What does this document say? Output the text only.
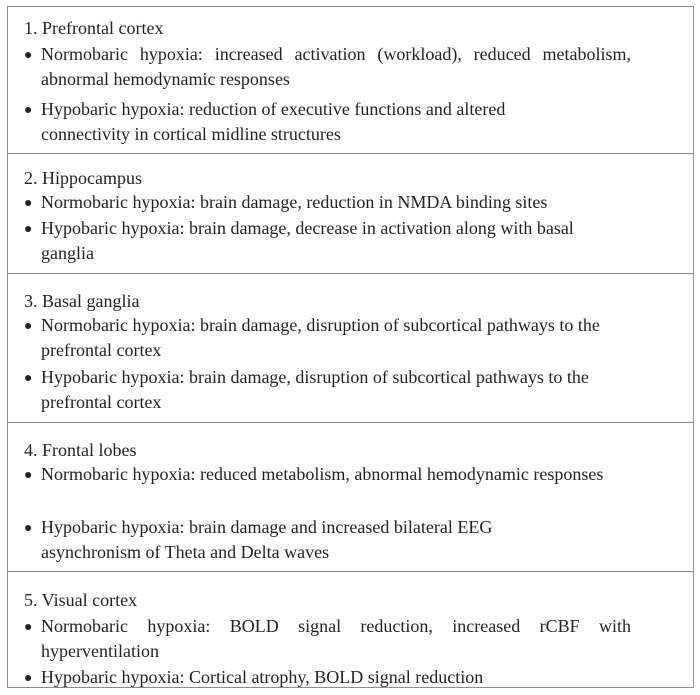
1. Prefrontal cortex
● Normobaric hypoxia: increased activation (workload), reduced metabolism, abnormal hemodynamic responses
● Hypobaric hypoxia: reduction of executive functions and altered connectivity in cortical midline structures
2. Hippocampus
● Normobaric hypoxia: brain damage, reduction in NMDA binding sites
● Hypobaric hypoxia: brain damage, decrease in activation along with basal ganglia
3. Basal ganglia
● Normobaric hypoxia: brain damage, disruption of subcortical pathways to the prefrontal cortex
● Hypobaric hypoxia: brain damage, disruption of subcortical pathways to the prefrontal cortex
4. Frontal lobes
● Normobaric hypoxia: reduced metabolism, abnormal hemodynamic responses
● Hypobaric hypoxia: brain damage and increased bilateral EEG asynchronism of Theta and Delta waves
5. Visual cortex
● Normobaric hypoxia: BOLD signal reduction, increased rCBF with hyperventilation
● Hypobaric hypoxia: Cortical atrophy, BOLD signal reduction
